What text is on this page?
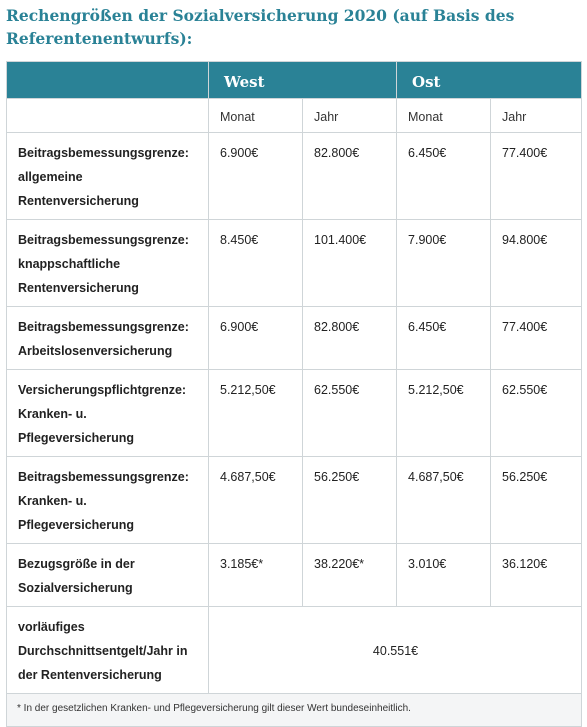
Rechengrößen der Sozialversicherung 2020 (auf Basis des Referentenentwurfs):
	West		Ost	
	Monat	Jahr	Monat	Jahr
Beitragsbemessungsgrenze: allgemeine Rentenversicherung	6.900€	82.800€	6.450€	77.400€
Beitragsbemessungsgrenze: knappschaftliche Rentenversicherung	8.450€	101.400€	7.900€	94.800€
Beitragsbemessungsgrenze: Arbeitslosenversicherung	6.900€	82.800€	6.450€	77.400€
Versicherungspflichtgrenze: Kranken- u. Pflegeversicherung	5.212,50€	62.550€	5.212,50€	62.550€
Beitragsbemessungsgrenze: Kranken- u. Pflegeversicherung	4.687,50€	56.250€	4.687,50€	56.250€
Bezugsgröße in der Sozialversicherung	3.185€*	38.220€*	3.010€	36.120€
vorläufiges Durchschnittsentgelt/Jahr in der Rentenversicherung	40.551€			
* In der gesetzlichen Kranken- und Pflegeversicherung gilt dieser Wert bundeseinheitlich.				
